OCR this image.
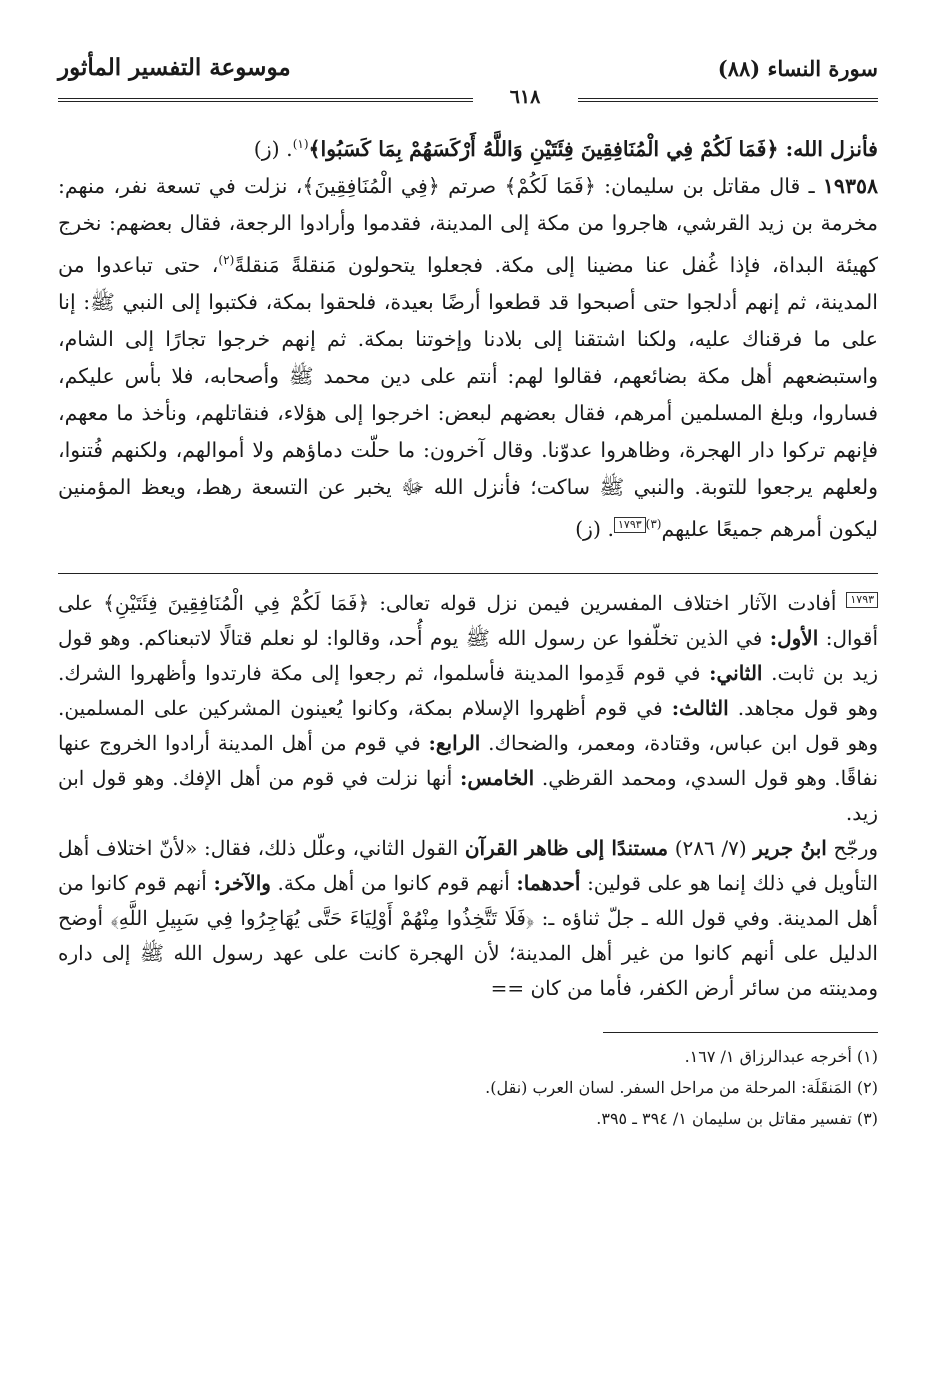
سورة النساء (٨٨)
موسوعة التفسير المأثور
٦١٨

فأنزل الله: ﴿فَمَا لَكُمْ فِي الْمُنَافِقِينَ فِئَتَيْنِ وَاللَّهُ أَرْكَسَهُمْ بِمَا كَسَبُوا﴾$^{(١)}$. (ز)

١٩٣٥٨ ـ قال مقاتل بن سليمان: ﴿فَمَا لَكُمْ﴾ صرتم ﴿فِي الْمُنَافِقِينَ﴾، نزلت في تسعة نفر، منهم: مخرمة بن زيد القرشي، هاجروا من مكة إلى المدينة، فقدموا وأرادوا الرجعة، فقال بعضهم: نخرج كهيئة البداة، فإذا غُفل عنا مضينا إلى مكة. فجعلوا يتحولون مَنقلةً مَنقلةً$^{(٢)}$، حتى تباعدوا من المدينة، ثم إنهم أدلجوا حتى أصبحوا قد قطعوا أرضًا بعيدة، فلحقوا بمكة، فكتبوا إلى النبي ﷺ: إنا على ما فرقناك عليه، ولكنا اشتقنا إلى بلادنا وإخوتنا بمكة. ثم إنهم خرجوا تجارًا إلى الشام، واستبضعهم أهل مكة بضائعهم، فقالوا لهم: أنتم على دين محمد ﷺ وأصحابه، فلا بأس عليكم، فساروا، وبلغ المسلمين أمرهم، فقال بعضهم لبعض: اخرجوا إلى هؤلاء، فنقاتلهم، ونأخذ ما معهم، فإنهم تركوا دار الهجرة، وظاهروا عدوّنا. وقال آخرون: ما حلّت دماؤهم ولا أموالهم، ولكنهم فُتنوا، ولعلهم يرجعوا للتوبة. والنبي ﷺ ساكت؛ فأنزل الله ﷻ يخبر عن التسعة رهط، ويعظ المؤمنين ليكون أمرهم جميعًا عليهم$^{(٣)}$١٧٩٣. (ز)

١٧٩٣ أفادت الآثار اختلاف المفسرين فيمن نزل قوله تعالى: ﴿فَمَا لَكُمْ فِي الْمُنَافِقِينَ فِئَتَيْنِ﴾ على أقوال: الأول: في الذين تخلّفوا عن رسول الله ﷺ يوم أُحد، وقالوا: لو نعلم قتالًا لاتبعناكم. وهو قول زيد بن ثابت. الثاني: في قوم قَدِموا المدينة فأسلموا، ثم رجعوا إلى مكة فارتدوا وأظهروا الشرك. وهو قول مجاهد. الثالث: في قوم أظهروا الإسلام بمكة، وكانوا يُعينون المشركين على المسلمين. وهو قول ابن عباس، وقتادة، ومعمر، والضحاك. الرابع: في قوم من أهل المدينة أرادوا الخروج عنها نفاقًا. وهو قول السدي، ومحمد القرظي. الخامس: أنها نزلت في قوم من أهل الإفك. وهو قول ابن زيد.

ورجّح ابنُ جرير (٧/ ٢٨٦) مستندًا إلى ظاهر القرآن القول الثاني، وعلّل ذلك، فقال: «لأنّ اختلاف أهل التأويل في ذلك إنما هو على قولين: أحدهما: أنهم قوم كانوا من أهل مكة. والآخر: أنهم قوم كانوا من أهل المدينة. وفي قول الله ـ جلّ ثناؤه ـ: ﴿فَلَا تَتَّخِذُوا مِنْهُمْ أَوْلِيَاءَ حَتَّى يُهَاجِرُوا فِي سَبِيلِ اللَّهِ﴾ أوضح الدليل على أنهم كانوا من غير أهل المدينة؛ لأن الهجرة كانت على عهد رسول الله ﷺ إلى داره ومدينته من سائر أرض الكفر، فأما من كان ==

(١) أخرجه عبدالرزاق ١/ ١٦٧.

(٢) المَنقَلَة: المرحلة من مراحل السفر. لسان العرب (نقل).

(٣) تفسير مقاتل بن سليمان ١/ ٣٩٤ ـ ٣٩٥.
